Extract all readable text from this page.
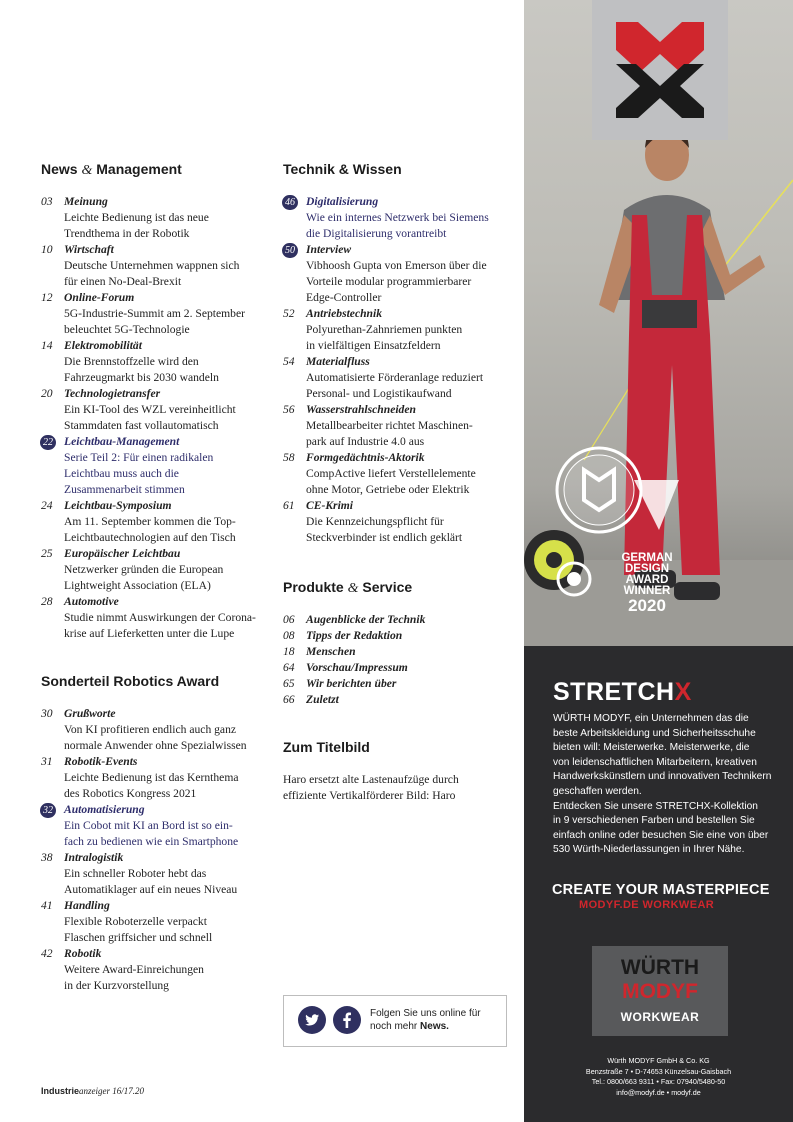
News & Management
03 Meinung
Leichte Bedienung ist das neue
Trendthema in der Robotik
10 Wirtschaft
Deutsche Unternehmen wappnen sich
für einen No-Deal-Brexit
12 Online-Forum
5G-Industrie-Summit am 2. September
beleuchtet 5G-Technologie
14 Elektromobilität
Die Brennstoffzelle wird den
Fahrzeugmarkt bis 2030 wandeln
20 Technologietransfer
Ein KI-Tool des WZL vereinheitlicht
Stammdaten fast vollautomatisch
22 Leichtbau-Management
Serie Teil 2: Für einen radikalen
Leichtbau muss auch die
Zusammenarbeit stimmen
24 Leichtbau-Symposium
Am 11. September kommen die Top-
Leichtbautechnologien auf den Tisch
25 Europäischer Leichtbau
Netzwerker gründen die European
Lightweight Association (ELA)
28 Automotive
Studie nimmt Auswirkungen der Corona-
krise auf Lieferketten unter die Lupe
Sonderteil Robotics Award
30 Grußworte
Von KI profitieren endlich auch ganz
normale Anwender ohne Spezialwissen
31 Robotik-Events
Leichte Bedienung ist das Kernthema
des Robotics Kongress 2021
32 Automatisierung
Ein Cobot mit KI an Bord ist so ein-
fach zu bedienen wie ein Smartphone
38 Intralogistik
Ein schneller Roboter hebt das
Automatiklager auf ein neues Niveau
41 Handling
Flexible Roboterzelle verpackt
Flaschen griffsicher und schnell
42 Robotik
Weitere Award-Einreichungen
in der Kurzvorstellung
Technik & Wissen
46 Digitalisierung
Wie ein internes Netzwerk bei Siemens
die Digitalisierung vorantreibt
50 Interview
Vibhoosh Gupta von Emerson über die
Vorteile modular programmierbarer
Edge-Controller
52 Antriebstechnik
Polyurethan-Zahnriemen punkten
in vielfältigen Einsatzfeldern
54 Materialfluss
Automatisierte Förderanlage reduziert
Personal- und Logistikaufwand
56 Wasserstrahlschneiden
Metallbearbeiter richtet Maschinen-
park auf Industrie 4.0 aus
58 Formgedächtnis-Aktorik
CompActive liefert Verstellelemente
ohne Motor, Getriebe oder Elektrik
61 CE-Krimi
Die Kennzeichungspflicht für
Steckverbinder ist endlich geklärt
Produkte & Service
06 Augenblicke der Technik
08 Tipps der Redaktion
18 Menschen
64 Vorschau/Impressum
65 Wir berichten über
66 Zuletzt
Zum Titelbild
Haro ersetzt alte Lastenaufzüge durch
effiziente Vertikalförderer Bild: Haro
Folgen Sie uns online für
noch mehr News.
Industrieanzeiger 16/17.20
GERMAN
DESIGN
AWARD
WINNER
2020
STRETCHX
WÜRTH MODYF, ein Unternehmen das die
beste Arbeitskleidung und Sicherheitsschuhe
bieten will: Meisterwerke. Meisterwerke, die
von leidenschaftlichen Mitarbeitern, kreativen
Handwerkskünstlern und innovativen Technikern
geschaffen werden.
Entdecken Sie unsere STRETCHX-Kollektion
in 9 verschiedenen Farben und bestellen Sie
einfach online oder besuchen Sie eine von über
530 Würth-Niederlassungen in Ihrer Nähe.
CREATE YOUR MASTERPIECE
MODYF.DE WORKWEAR
WÜRTH
MODYF
WORKWEAR
Würth MODYF GmbH & Co. KG
Benzstraße 7 • D-74653 Künzelsau-Gaisbach
Tel.: 0800/663 9311 • Fax: 07940/5480-50
info@modyf.de • modyf.de
